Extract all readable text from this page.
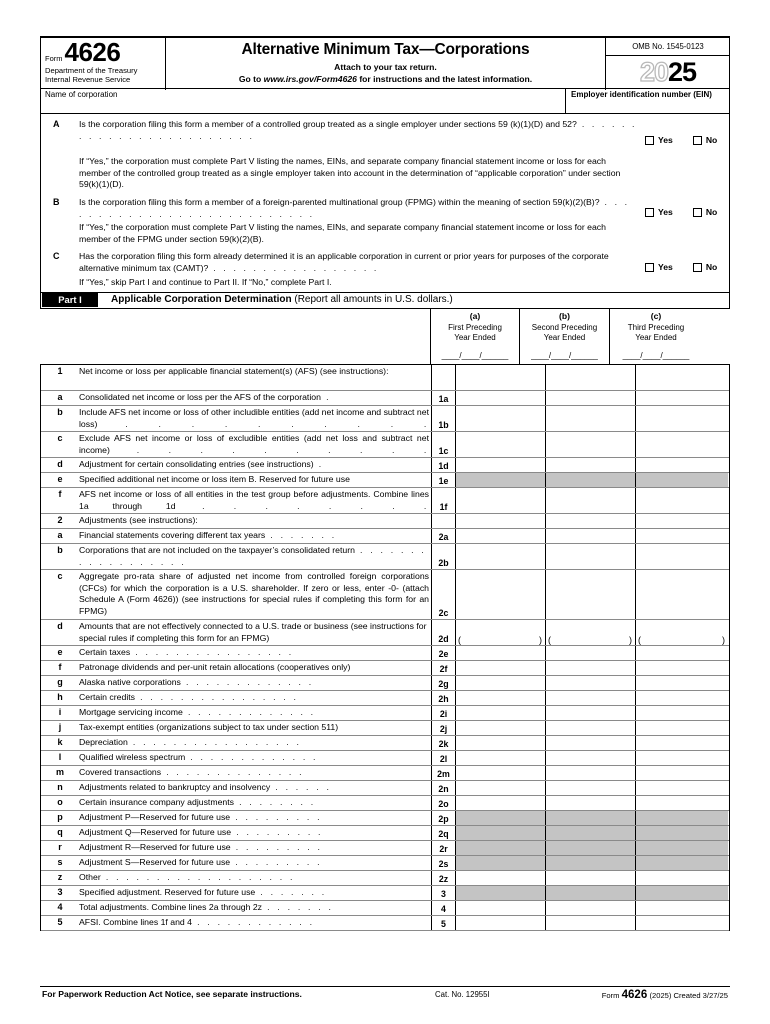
Form 4626
Department of the Treasury
Internal Revenue Service
Alternative Minimum Tax—Corporations
Attach to your tax return.
Go to www.irs.gov/Form4626 for instructions and the latest information.
OMB No. 1545-0123
2025
Name of corporation	Employer identification number (EIN)
A Is the corporation filing this form a member of a controlled group treated as a single employer under sections 59 (k)(1)(D) and 52? . . . . . . . . . . . . . . . . . . . . . . . .	Yes	No
If “Yes,” the corporation must complete Part V listing the names, EINs, and separate company financial statement income or loss for each member of the controlled group treated as a single employer taken into account in the determination of “applicable corporation” under section 59(k)(1)(D).
B Is the corporation filing this form a member of a foreign-parented multinational group (FPMG) within the meaning of section 59(k)(2)(B)? . . . . . . . . . . . . . . . . . . . . . . . . . . .	Yes	No
If “Yes,” the corporation must complete Part V listing the names, EINs, and separate company financial statement income or loss for each member of the FPMG under section 59(k)(2)(B).
C Has the corporation filing this form already determined it is an applicable corporation in current or prior years for purposes of the corporate alternative minimum tax (CAMT)? . . . . . . . . . . . . . . . . .	Yes	No
If “Yes,” skip Part I and continue to Part II. If “No,” complete Part I.
Part I	Applicable Corporation Determination (Report all amounts in U.S. dollars.)
(a)
First Preceding
Year Ended
____/____/______
(b)
Second Preceding
Year Ended
____/____/______
(c)
Third Preceding
Year Ended
____/____/______
1	Net income or loss per applicable financial statement(s) (AFS) (see instructions):
a	Consolidated net income or loss per the AFS of the corporation .	1a
b	Include AFS net income or loss of other includible entities (add net income and subtract net loss) . . . . . . . . . .	1b
c	Exclude AFS net income or loss of excludible entities (add net loss and subtract net income) . . . . . . . . . .	1c
d	Adjustment for certain consolidating entries (see instructions) .	1d
e	Specified additional net income or loss item B. Reserved for future use	1e
f	AFS net income or loss of all entities in the test group before adjustments. Combine lines 1a through 1d . . . . . . . .	1f
2	Adjustments (see instructions):
a	Financial statements covering different tax years . . . . . . .	2a
b	Corporations that are not included on the taxpayer’s consolidated return . . . . . . . . . . . . . . . . . .	2b
c	Aggregate pro-rata share of adjusted net income from controlled foreign corporations (CFCs) for which the corporation is a U.S. shareholder. If zero or less, enter -0- (attach Schedule A (Form 4626)) (see instructions for special rules if completing this form for an FPMG)	2c
d	Amounts that are not effectively connected to a U.S. trade or business (see instructions for special rules if completing this form for an FPMG)	2d	(	) (	) (	)
e	Certain taxes . . . . . . . . . . . . . . . .	2e
f	Patronage dividends and per-unit retain allocations (cooperatives only)	2f
g	Alaska native corporations . . . . . . . . . . . . .	2g
h	Certain credits . . . . . . . . . . . . . . . .	2h
i	Mortgage servicing income . . . . . . . . . . . . .	2i
j	Tax-exempt entities (organizations subject to tax under section 511)	2j
k	Depreciation . . . . . . . . . . . . . . . . .	2k
l	Qualified wireless spectrum . . . . . . . . . . . . .	2l
m	Covered transactions . . . . . . . . . . . . . .	2m
n	Adjustments related to bankruptcy and insolvency . . . . . .	2n
o	Certain insurance company adjustments . . . . . . . .	2o
p	Adjustment P—Reserved for future use . . . . . . . . .	2p
q	Adjustment Q—Reserved for future use . . . . . . . . .	2q
r	Adjustment R—Reserved for future use . . . . . . . . .	2r
s	Adjustment S—Reserved for future use . . . . . . . . .	2s
z	Other . . . . . . . . . . . . . . . . . . .	2z
3	Specified adjustment. Reserved for future use . . . . . . .	3
4	Total adjustments. Combine lines 2a through 2z . . . . . . .	4
5	AFSI. Combine lines 1f and 4 . . . . . . . . . . . .	5
For Paperwork Reduction Act Notice, see separate instructions.	Cat. No. 12955I	Form 4626 (2025) Created 3/27/25
